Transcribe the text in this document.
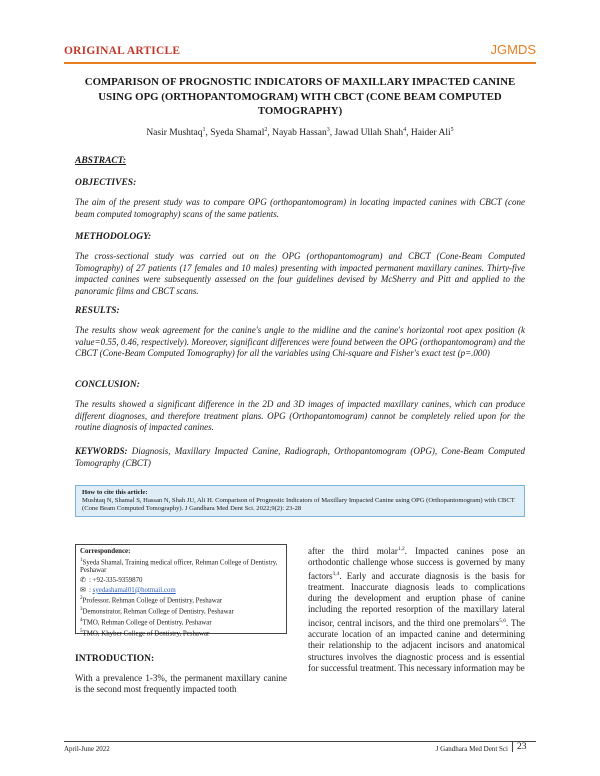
ORIGINAL ARTICLE	JGMDS
COMPARISON OF PROGNOSTIC INDICATORS OF MAXILLARY IMPACTED CANINE USING OPG (ORTHOPANTOMOGRAM) WITH CBCT (CONE BEAM COMPUTED TOMOGRAPHY)
Nasir Mushtaq$^1$, Syeda Shamal$^2$, Nayab Hassan$^3$, Jawad Ullah Shah$^4$, Haider Ali$^5$
ABSTRACT:
OBJECTIVES:
The aim of the present study was to compare OPG (orthopantomogram) in locating impacted canines with CBCT (cone beam computed tomography) scans of the same patients.
METHODOLOGY:
The cross-sectional study was carried out on the OPG (orthopantomogram) and CBCT (Cone-Beam Computed Tomography) of 27 patients (17 females and 10 males) presenting with impacted permanent maxillary canines. Thirty-five impacted canines were subsequently assessed on the four guidelines devised by McSherry and Pitt and applied to the panoramic films and CBCT scans.
RESULTS:
The results show weak agreement for the canine's angle to the midline and the canine's horizontal root apex position (k value=0.55, 0.46, respectively). Moreover, significant differences were found between the OPG (orthopantomogram) and the CBCT (Cone-Beam Computed Tomography) for all the variables using Chi-square and Fisher's exact test (p=.000)
CONCLUSION:
The results showed a significant difference in the 2D and 3D images of impacted maxillary canines, which can produce different diagnoses, and therefore treatment plans. OPG (Orthopantomogram) cannot be completely relied upon for the routine diagnosis of impacted canines.
KEYWORDS: Diagnosis, Maxillary Impacted Canine, Radiograph, Orthopantomogram (OPG), Cone-Beam Computed Tomography (CBCT)
How to cite this article:
Mushtaq N, Shamal S, Hassan N, Shah JU, Ali H. Comparison of Prognostic Indicators of Maxillary Impacted Canine using OPG (Orthopantomogram) with CBCT (Cone Beam Computed Tomography). J Gandhara Med Dent Sci. 2022;9(2): 23-28
Correspondence:
$^1$Syeda Shamal, Training medical officer, Rehman College of Dentistry, Peshawar
✆ : +92-335-9359870
✉ : syedashamal01@hotmail.com
$^2$Professor, Rehman College of Dentistry, Peshawar
$^3$Demonstrator, Rehman College of Dentistry, Peshawar
$^4$TMO, Rehman College of Dentistry, Peshawar
$^5$TMO, Khyber College of Dentistry, Peshawar
INTRODUCTION:
With a prevalence 1-3%, the permanent maxillary canine is the second most frequently impacted tooth
after the third molar$^{1,2}$. Impacted canines pose an orthodontic challenge whose success is governed by many factors$^{3,4}$. Early and accurate diagnosis is the basis for treatment. Inaccurate diagnosis leads to complications during the development and eruption phase of canine including the reported resorption of the maxillary lateral incisor, central incisors, and the third one premolars$^{5,6}$. The accurate location of an impacted canine and determining their relationship to the adjacent incisors and anatomical structures involves the diagnostic process and is essential for successful treatment. This necessary information may be
April-June 2022	J Gandhara Med Dent Sci 23
